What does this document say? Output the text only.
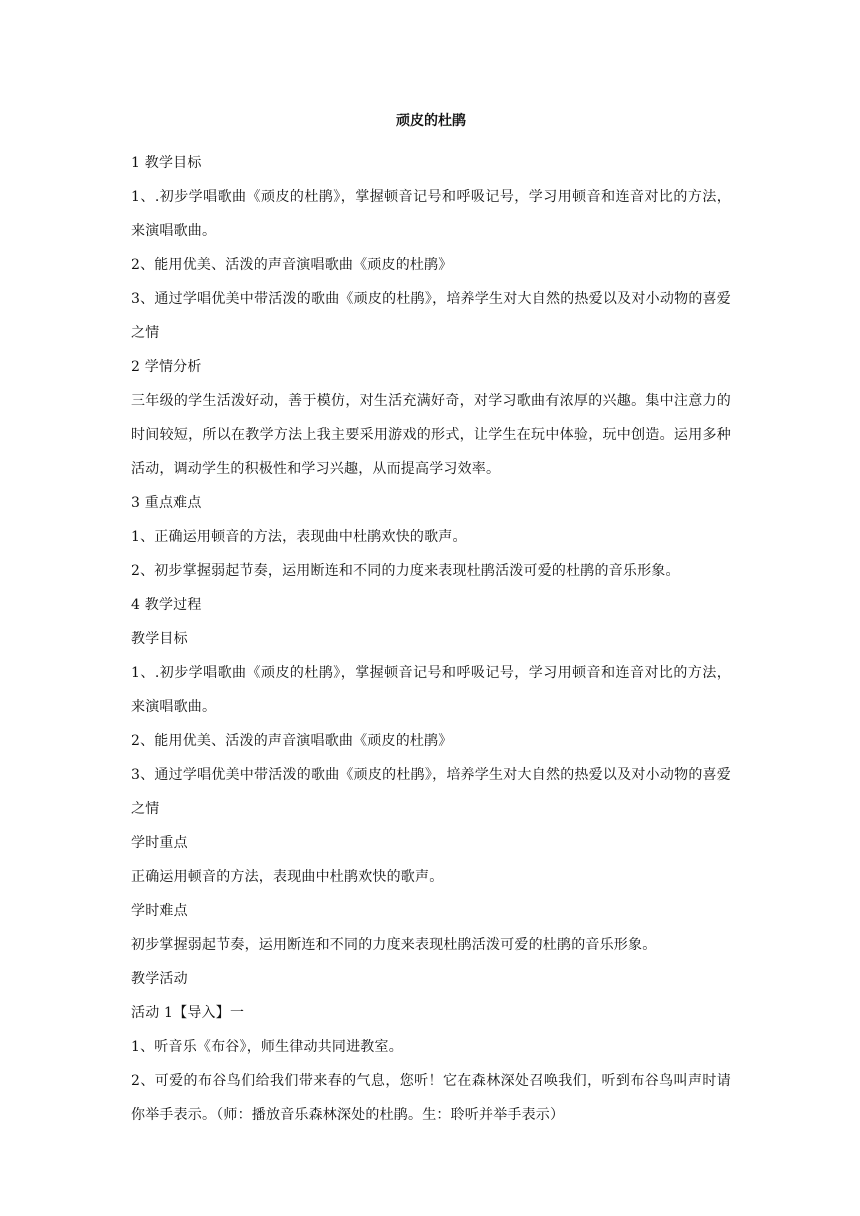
顽皮的杜鹃

1 教学目标

1、.初步学唱歌曲《顽皮的杜鹃》，掌握顿音记号和呼吸记号，学习用顿音和连音对比的方法，来演唱歌曲。

2、能用优美、活泼的声音演唱歌曲《顽皮的杜鹃》

3、通过学唱优美中带活泼的歌曲《顽皮的杜鹃》，培养学生对大自然的热爱以及对小动物的喜爱之情

2 学情分析

三年级的学生活泼好动，善于模仿，对生活充满好奇，对学习歌曲有浓厚的兴趣。集中注意力的时间较短，所以在教学方法上我主要采用游戏的形式，让学生在玩中体验，玩中创造。运用多种活动，调动学生的积极性和学习兴趣，从而提高学习效率。

3 重点难点

1、正确运用顿音的方法，表现曲中杜鹃欢快的歌声。

2、初步掌握弱起节奏，运用断连和不同的力度来表现杜鹃活泼可爱的杜鹃的音乐形象。

4 教学过程

教学目标

1、.初步学唱歌曲《顽皮的杜鹃》，掌握顿音记号和呼吸记号，学习用顿音和连音对比的方法，来演唱歌曲。

2、能用优美、活泼的声音演唱歌曲《顽皮的杜鹃》

3、通过学唱优美中带活泼的歌曲《顽皮的杜鹃》，培养学生对大自然的热爱以及对小动物的喜爱之情

学时重点

正确运用顿音的方法，表现曲中杜鹃欢快的歌声。

学时难点

初步掌握弱起节奏，运用断连和不同的力度来表现杜鹃活泼可爱的杜鹃的音乐形象。

教学活动

活动 1【导入】一

1、听音乐《布谷》，师生律动共同进教室。

2、可爱的布谷鸟们给我们带来春的气息，您听！它在森林深处召唤我们，听到布谷鸟叫声时请你举手表示。（师：播放音乐森林深处的杜鹃。生：聆听并举手表示）
